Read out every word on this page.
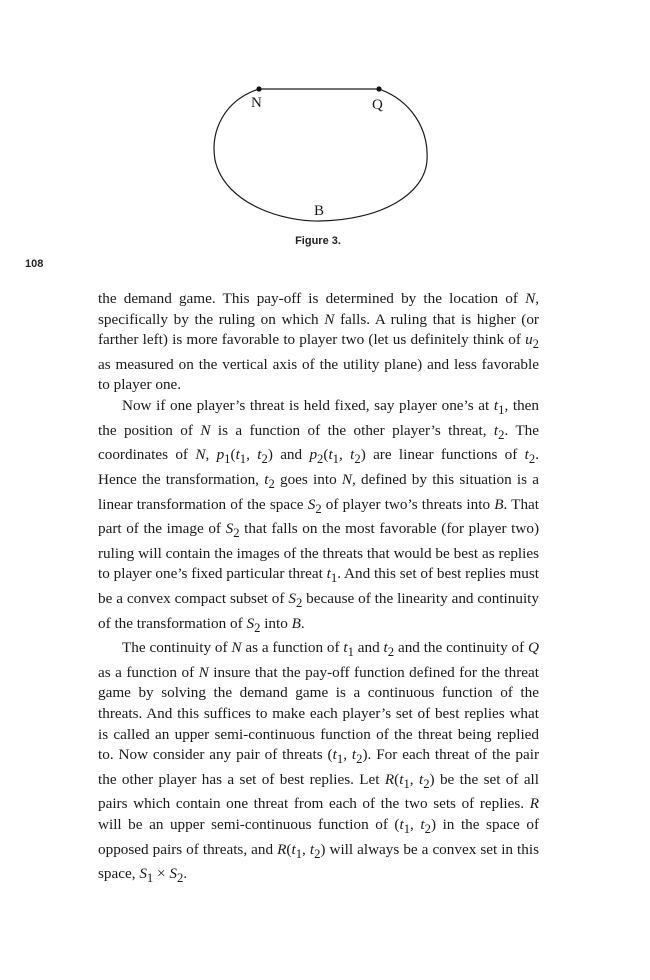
N	Q
B
Figure 3.
108

the demand game. This pay-off is determined by the location of N, specifically by the ruling on which N falls. A ruling that is higher (or farther left) is more favorable to player two (let us definitely think of $u_2$ as measured on the vertical axis of the utility plane) and less favorable to player one.

Now if one player’s threat is held fixed, say player one’s at $t_1$, then the position of N is a function of the other player’s threat, $t_2$. The coordinates of N, $p_1(t_1$, $t_2$) and $p_2(t_1$, $t_2$) are linear functions of $t_2$. Hence the transformation, $t_2$ goes into N, defined by this situation is a linear transformation of the space $S_2$ of player two’s threats into B. That part of the image of $S_2$ that falls on the most favorable (for player two) ruling will contain the images of the threats that would be best as replies to player one’s fixed particular threat $t_1$. And this set of best replies must be a convex compact subset of $S_2$ because of the linearity and continuity of the transformation of $S_2$ into B.

The continuity of N as a function of $t_1$ and $t_2$ and the continuity of Q as a function of N insure that the pay-off function defined for the threat game by solving the demand game is a continuous function of the threats. And this suffices to make each player’s set of best replies what is called an upper semi-continuous function of the threat being replied to. Now consider any pair of threats ($t_1$, $t_2$). For each threat of the pair the other player has a set of best replies. Let $R(t_1$, $t_2$) be the set of all pairs which contain one threat from each of the two sets of replies. R will be an upper semi-continuous function of ($t_1$, $t_2$) in the space of opposed pairs of threats, and $R(t_1$, $t_2$) will always be a convex set in this space, $S_1 \times S_2$.
